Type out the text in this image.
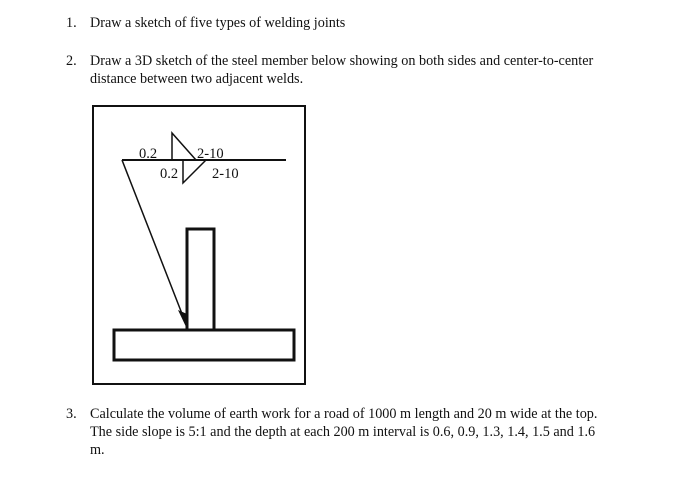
1. Draw a sketch of five types of welding joints
2. Draw a 3D sketch of the steel member below showing on both sides and center-to-center
distance between two adjacent welds.
0.2	2-10
0.2 2-10
3. Calculate the volume of earth work for a road of 1000 m length and 20 m wide at the top.
The side slope is 5:1 and the depth at each 200 m interval is 0.6, 0.9, 1.3, 1.4, 1.5 and 1.6
m.
